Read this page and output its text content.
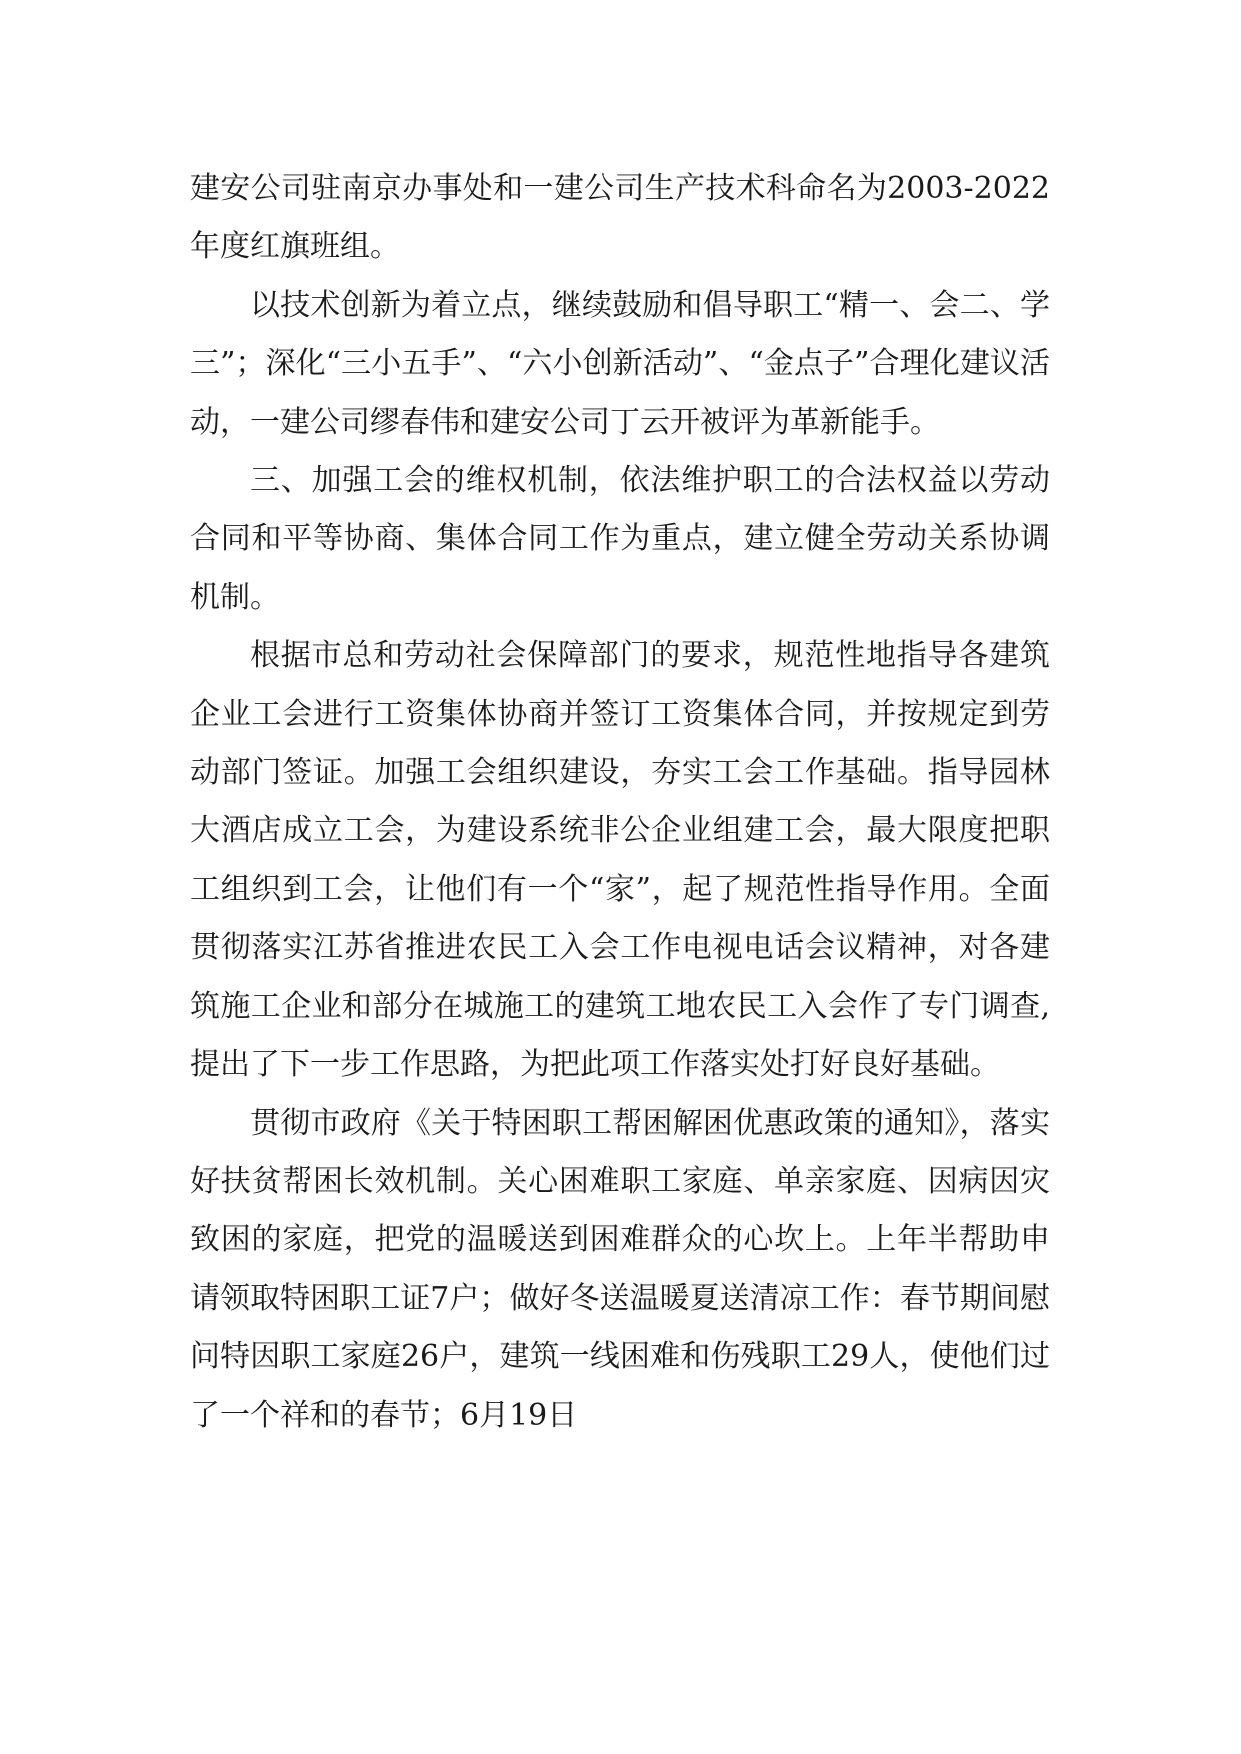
建安公司驻南京办事处和一建公司生产技术科命名为2003-2022年度红旗班组。

以技术创新为着立点，继续鼓励和倡导职工“精一、会二、学三”；深化“三小五手”、“六小创新活动”、“金点子”合理化建议活动，一建公司缪春伟和建安公司丁云开被评为革新能手。

三、加强工会的维权机制，依法维护职工的合法权益以劳动合同和平等协商、集体合同工作为重点，建立健全劳动关系协调机制。

根据市总和劳动社会保障部门的要求，规范性地指导各建筑企业工会进行工资集体协商并签订工资集体合同，并按规定到劳动部门签证。加强工会组织建设，夯实工会工作基础。指导园林大酒店成立工会，为建设系统非公企业组建工会，最大限度把职工组织到工会，让他们有一个“家”，起了规范性指导作用。全面贯彻落实江苏省推进农民工入会工作电视电话会议精神，对各建筑施工企业和部分在城施工的建筑工地农民工入会作了专门调查,提出了下一步工作思路，为把此项工作落实处打好良好基础。

贯彻市政府《关于特困职工帮困解困优惠政策的通知》，落实好扶贫帮困长效机制。关心困难职工家庭、单亲家庭、因病因灾致困的家庭，把党的温暖送到困难群众的心坎上。上年半帮助申请领取特困职工证7户；做好冬送温暖夏送清凉工作：春节期间慰问特因职工家庭26户，建筑一线困难和伤残职工29人，使他们过了一个祥和的春节；6月19日
